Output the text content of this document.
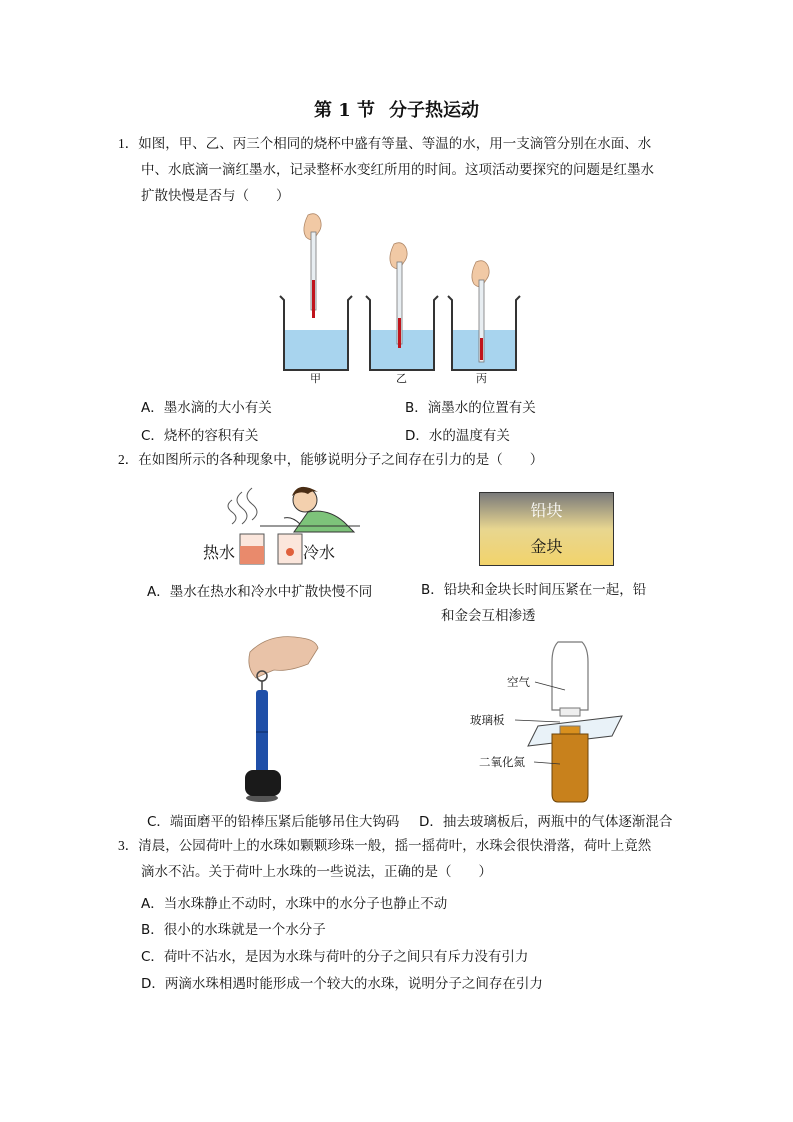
第 1 节 分子热运动
1．如图，甲、乙、丙三个相同的烧杯中盛有等量、等温的水，用一支滴管分别在水面、水
中、水底滴一滴红墨水，记录整杯水变红所用的时间。这项活动要探究的问题是红墨水
扩散快慢是否与（　　）
甲	乙	丙
A．墨水滴的大小有关	B．滴墨水的位置有关
C．烧杯的容积有关	D．水的温度有关
2．在如图所示的各种现象中，能够说明分子之间存在引力的是（　　）
热水	冷水
铅块
金块
A．墨水在热水和冷水中扩散快慢不同	B．铅块和金块长时间压紧在一起，铅
和金会互相渗透
空气
玻璃板
二氧化氮
C．端面磨平的铅棒压紧后能够吊住大钩码 D．抽去玻璃板后，两瓶中的气体逐渐混合
3．清晨，公园荷叶上的水珠如颗颗珍珠一般，摇一摇荷叶，水珠会很快滑落，荷叶上竟然
滴水不沾。关于荷叶上水珠的一些说法，正确的是（　　）
A．当水珠静止不动时，水珠中的水分子也静止不动
B．很小的水珠就是一个水分子
C．荷叶不沾水，是因为水珠与荷叶的分子之间只有斥力没有引力
D．两滴水珠相遇时能形成一个较大的水珠，说明分子之间存在引力
